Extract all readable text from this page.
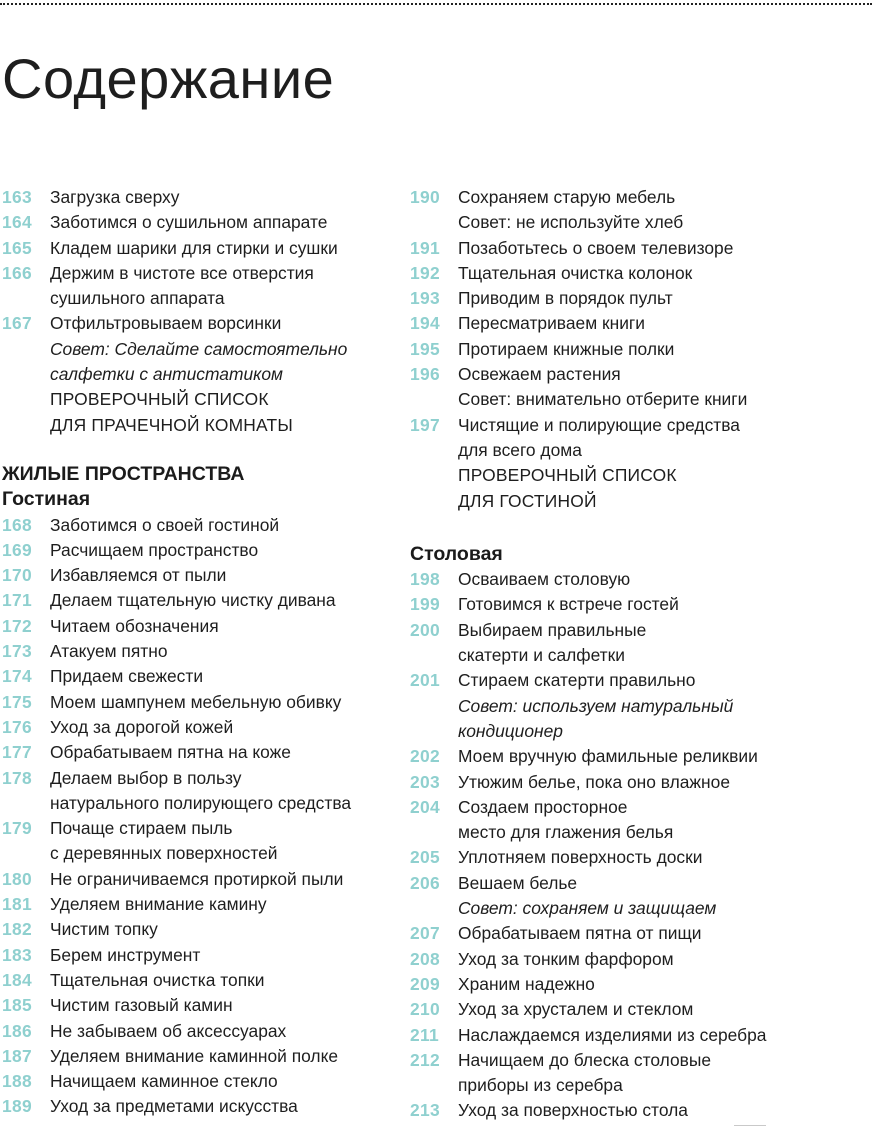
Содержание
163	Загрузка сверху
164	Заботимся о сушильном аппарате
165	Кладем шарики для стирки и сушки
166	Держим в чистоте все отверстия
сушильного аппарата
167	Отфильтровываем ворсинки
Совет: Сделайте самостоятельно
салфетки с антистатиком
ПРОВЕРОЧНЫЙ СПИСОК
ДЛЯ ПРАЧЕЧНОЙ КОМНАТЫ
ЖИЛЫЕ ПРОСТРАНСТВА
Гостиная
168	Заботимся о своей гостиной
169	Расчищаем пространство
170	Избавляемся от пыли
171	Делаем тщательную чистку дивана
172	Читаем обозначения
173	Атакуем пятно
174	Придаем свежести
175	Моем шампунем мебельную обивку
176	Уход за дорогой кожей
177	Обрабатываем пятна на коже
178	Делаем выбор в пользу
натурального полирующего средства
179	Почаще стираем пыль
с деревянных поверхностей
180	Не ограничиваемся протиркой пыли
181	Уделяем внимание камину
182	Чистим топку
183	Берем инструмент
184	Тщательная очистка топки
185	Чистим газовый камин
186	Не забываем об аксессуарах
187	Уделяем внимание каминной полке
188	Начищаем каминное стекло
189	Уход за предметами искусства
190	Сохраняем старую мебель
Совет: не используйте хлеб
191	Позаботьтесь о своем телевизоре
192	Тщательная очистка колонок
193	Приводим в порядок пульт
194	Пересматриваем книги
195	Протираем книжные полки
196	Освежаем растения
Совет: внимательно отберите книги
197	Чистящие и полирующие средства
для всего дома
ПРОВЕРОЧНЫЙ СПИСОК
ДЛЯ ГОСТИНОЙ
Столовая
198	Осваиваем столовую
199	Готовимся к встрече гостей
200	Выбираем правильные
скатерти и салфетки
201	Стираем скатерти правильно
Совет: используем натуральный
кондиционер
202	Моем вручную фамильные реликвии
203	Утюжим белье, пока оно влажное
204	Создаем просторное
место для глажения белья
205	Уплотняем поверхность доски
206	Вешаем белье
Совет: сохраняем и защищаем
207	Обрабатываем пятна от пищи
208	Уход за тонким фарфором
209	Храним надежно
210	Уход за хрусталем и стеклом
211	Наслаждаемся изделиями из серебра
212	Начищаем до блеска столовые
приборы из серебра
213	Уход за поверхностью стола
